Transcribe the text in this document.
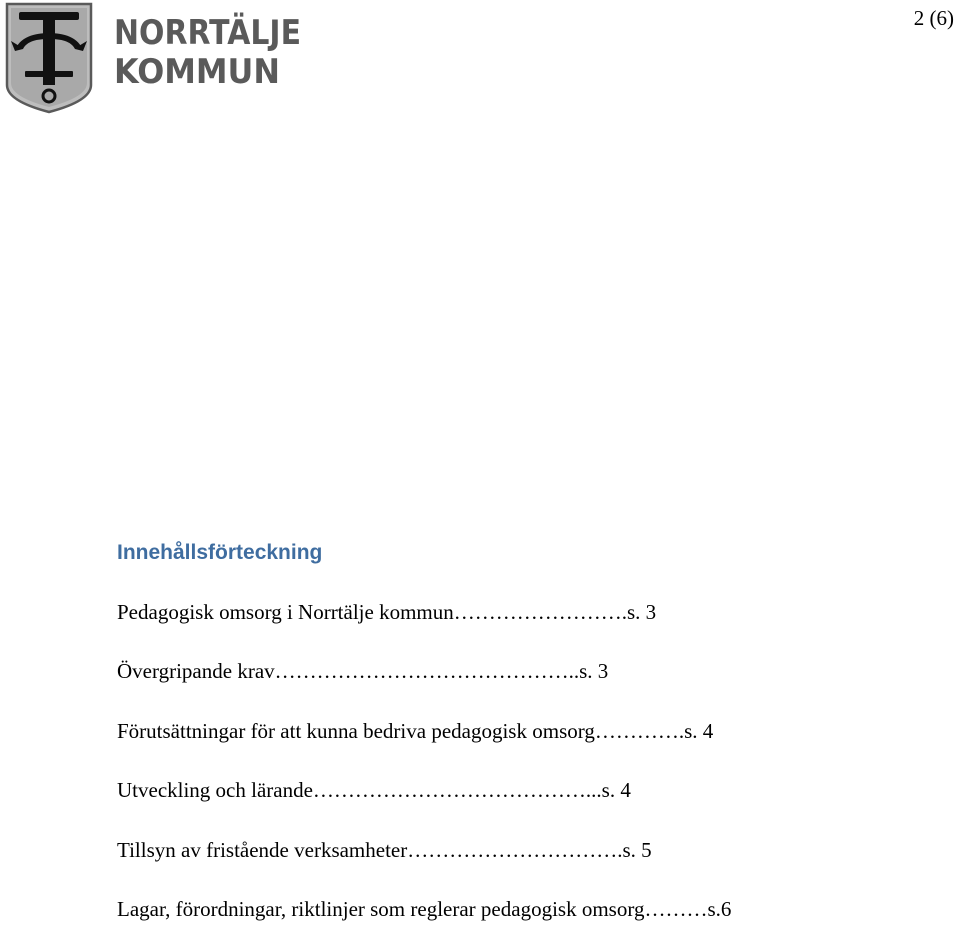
NORRTÄLJE
KOMMUN
2 (6)
Innehållsförteckning
Pedagogisk omsorg i Norrtälje kommun…………………….s. 3
Övergripande krav……………………………………..s. 3
Förutsättningar för att kunna bedriva pedagogisk omsorg………….s. 4
Utveckling och lärande…………………………………...s. 4
Tillsyn av fristående verksamheter………………………….s. 5
Lagar, förordningar, riktlinjer som reglerar pedagogisk omsorg………s.6
